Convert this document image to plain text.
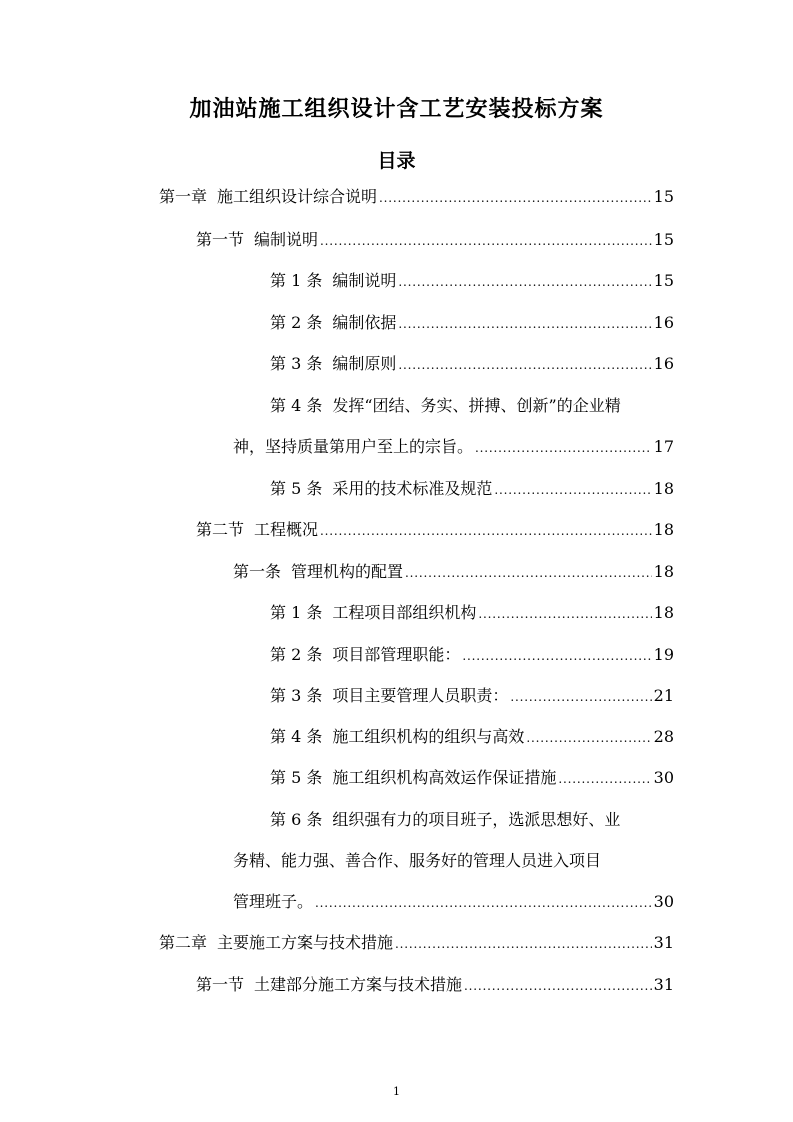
加油站施工组织设计含工艺安装投标方案
目录
第一章 施工组织设计综合说明 . . .	15
第一节 编制说明 . . .	15
第 1 条 编制说明 . . .	15
第 2 条 编制依据 . . .	16
第 3 条 编制原则 . . .	16
第 4 条 发挥“团结、务实、拼搏、创新”的企业精
神，坚持质量第用户至上的宗旨。 . . .	17
第 5 条 采用的技术标准及规范 . . .	18
第二节 工程概况 . . .	18
第一条 管理机构的配置 . . .	18
第 1 条 工程项目部组织机构 . . .	18
第 2 条 项目部管理职能： . . .	19
第 3 条 项目主要管理人员职责： . . .	21
第 4 条 施工组织机构的组织与高效 . . .	28
第 5 条 施工组织机构高效运作保证措施 . . .	30
第 6 条 组织强有力的项目班子，选派思想好、业
务精、能力强、善合作、服务好的管理人员进入项目
管理班子。 . . .	30
第二章 主要施工方案与技术措施 . . .	31
第一节 土建部分施工方案与技术措施 . . .	31
1
